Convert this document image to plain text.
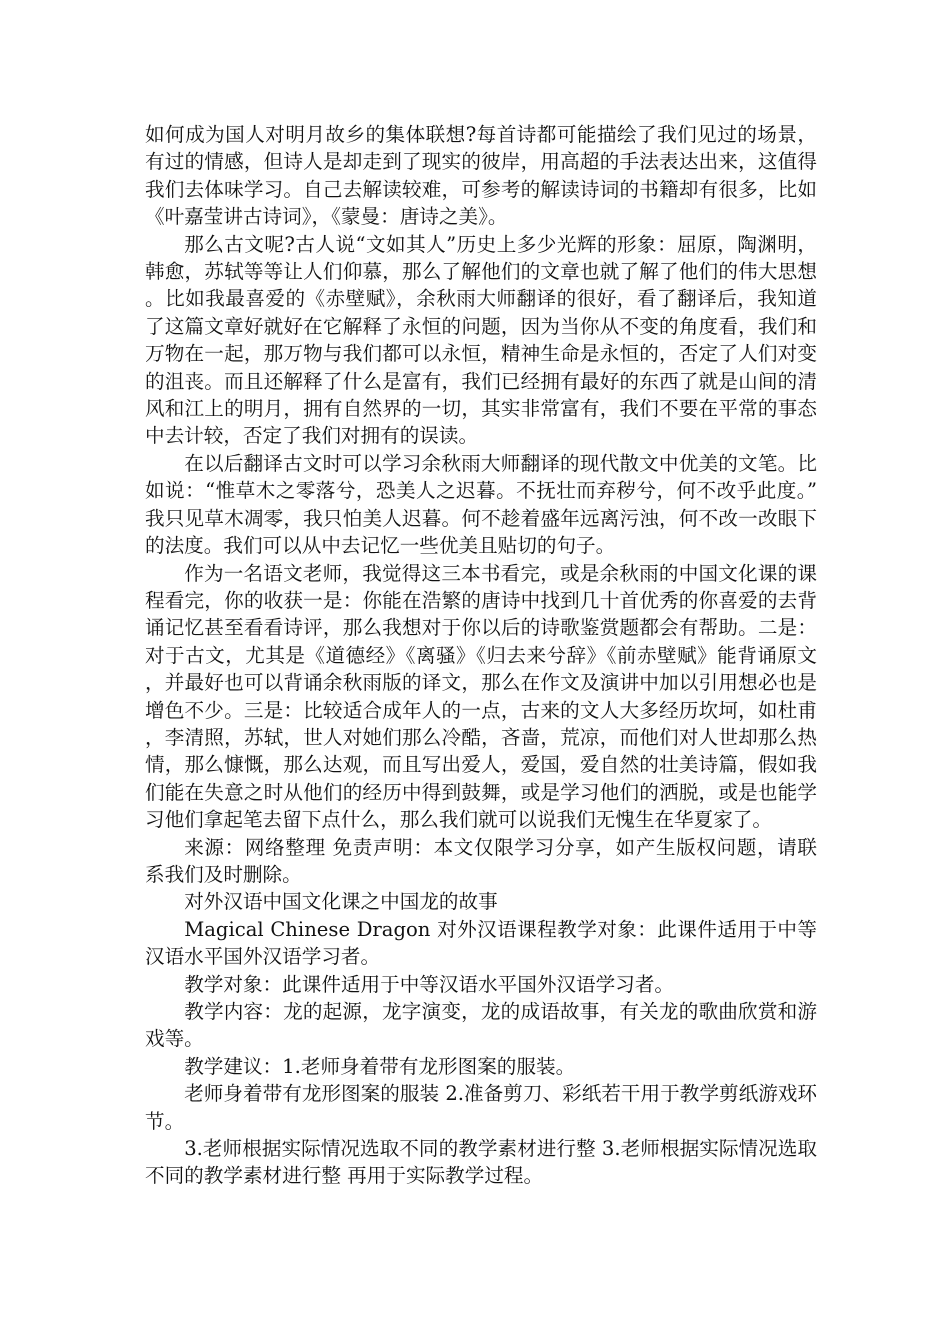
如何成为国人对明月故乡的集体联想?每首诗都可能描绘了我们见过的场景，有过的情感，但诗人是却走到了现实的彼岸，用高超的手法表达出来，这值得我们去体味学习。自己去解读较难，可参考的解读诗词的书籍却有很多，比如《叶嘉莹讲古诗词》，《蒙曼：唐诗之美》。

那么古文呢?古人说“文如其人”历史上多少光辉的形象：屈原，陶渊明，韩愈，苏轼等等让人们仰慕，那么了解他们的文章也就了解了他们的伟大思想。比如我最喜爱的《赤壁赋》，余秋雨大师翻译的很好，看了翻译后，我知道了这篇文章好就好在它解释了永恒的问题，因为当你从不变的角度看，我们和万物在一起，那万物与我们都可以永恒，精神生命是永恒的，否定了人们对变的沮丧。而且还解释了什么是富有，我们已经拥有最好的东西了就是山间的清风和江上的明月，拥有自然界的一切，其实非常富有，我们不要在平常的事态中去计较，否定了我们对拥有的误读。

在以后翻译古文时可以学习余秋雨大师翻译的现代散文中优美的文笔。比如说：“惟草木之零落兮，恐美人之迟暮。不抚壮而弃秽兮，何不改乎此度。”我只见草木凋零，我只怕美人迟暮。何不趁着盛年远离污浊，何不改一改眼下的法度。我们可以从中去记忆一些优美且贴切的句子。

作为一名语文老师，我觉得这三本书看完，或是余秋雨的中国文化课的课程看完，你的收获一是：你能在浩繁的唐诗中找到几十首优秀的你喜爱的去背诵记忆甚至看看诗评，那么我想对于你以后的诗歌鉴赏题都会有帮助。二是：对于古文，尤其是《道德经》《离骚》《归去来兮辞》《前赤壁赋》能背诵原文，并最好也可以背诵余秋雨版的译文，那么在作文及演讲中加以引用想必也是增色不少。三是：比较适合成年人的一点，古来的文人大多经历坎坷，如杜甫，李清照，苏轼，世人对她们那么冷酷，吝啬，荒凉，而他们对人世却那么热情，那么慷慨，那么达观，而且写出爱人，爱国，爱自然的壮美诗篇，假如我们能在失意之时从他们的经历中得到鼓舞，或是学习他们的洒脱，或是也能学习他们拿起笔去留下点什么，那么我们就可以说我们无愧生在华夏家了。

来源：网络整理 免责声明：本文仅限学习分享，如产生版权问题，请联系我们及时删除。

对外汉语中国文化课之中国龙的故事

Magical Chinese Dragon 对外汉语课程教学对象：此课件适用于中等汉语水平国外汉语学习者。

教学对象：此课件适用于中等汉语水平国外汉语学习者。

教学内容：龙的起源，龙字演变，龙的成语故事，有关龙的歌曲欣赏和游戏等。

教学建议：1.老师身着带有龙形图案的服装。

老师身着带有龙形图案的服装 2.准备剪刀、彩纸若干用于教学剪纸游戏环节。

3.老师根据实际情况选取不同的教学素材进行整 3.老师根据实际情况选取不同的教学素材进行整 再用于实际教学过程。
